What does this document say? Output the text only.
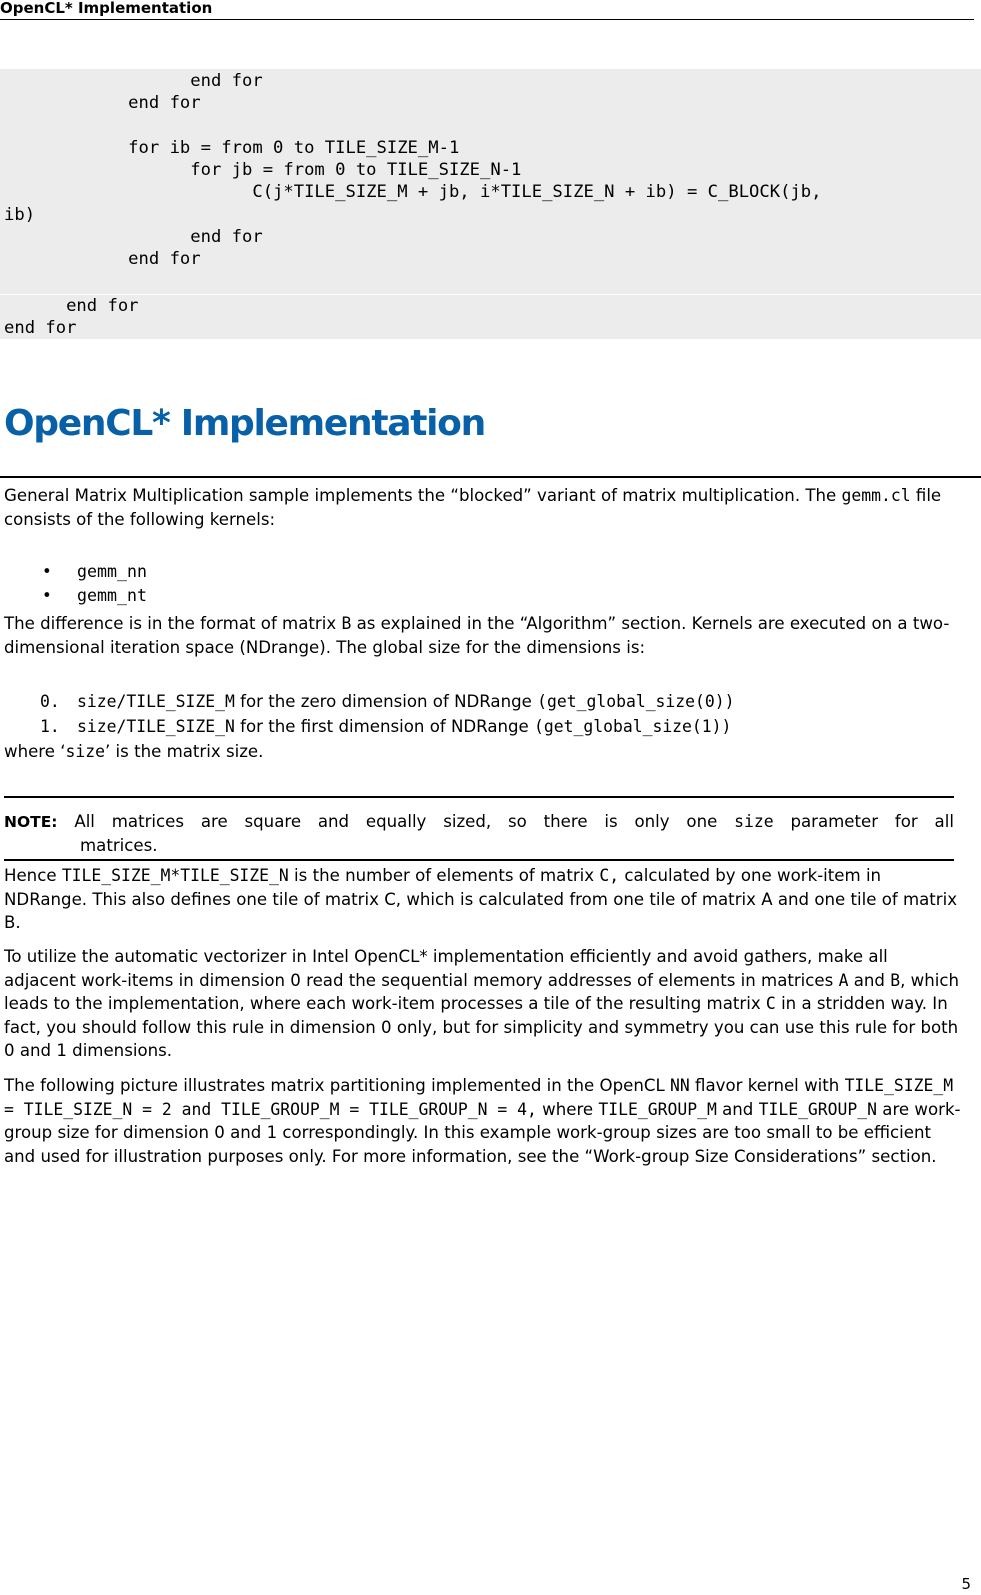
OpenCL* Implementation
end for
end for

for ib = from 0 to TILE_SIZE_M-1
for jb = from 0 to TILE_SIZE_N-1
C(j*TILE_SIZE_M + jb, i*TILE_SIZE_N + ib) = C_BLOCK(jb,
ib)
end for
end for

end for
end for
OpenCL* Implementation

General Matrix Multiplication sample implements the “blocked” variant of matrix multiplication. The gemm.cl file consists of the following kernels:

• gemm_nn
• gemm_nt

The difference is in the format of matrix B as explained in the “Algorithm” section. Kernels are executed on a two-dimensional iteration space (NDrange). The global size for the dimensions is:

0. size/TILE_SIZE_M for the zero dimension of NDRange (get_global_size(0))
1. size/TILE_SIZE_N for the first dimension of NDRange (get_global_size(1))

where ‘size’ is the matrix size.

NOTE: All matrices are square and equally sized, so there is only one size parameter for all
matrices.

Hence TILE_SIZE_M*TILE_SIZE_N is the number of elements of matrix C, calculated by one work-item in NDRange. This also defines one tile of matrix C, which is calculated from one tile of matrix A and one tile of matrix B.

To utilize the automatic vectorizer in Intel OpenCL* implementation efficiently and avoid gathers, make all adjacent work-items in dimension 0 read the sequential memory addresses of elements in matrices A and B, which leads to the implementation, where each work-item processes a tile of the resulting matrix C in a stridden way. In fact, you should follow this rule in dimension 0 only, but for simplicity and symmetry you can use this rule for both 0 and 1 dimensions.

The following picture illustrates matrix partitioning implemented in the OpenCL NN flavor kernel with TILE_SIZE_M = TILE_SIZE_N = 2 and TILE_GROUP_M = TILE_GROUP_N = 4, where TILE_GROUP_M and TILE_GROUP_N are work-group size for dimension 0 and 1 correspondingly. In this example work-group sizes are too small to be efficient and used for illustration purposes only. For more information, see the “Work-group Size Considerations” section.

5
